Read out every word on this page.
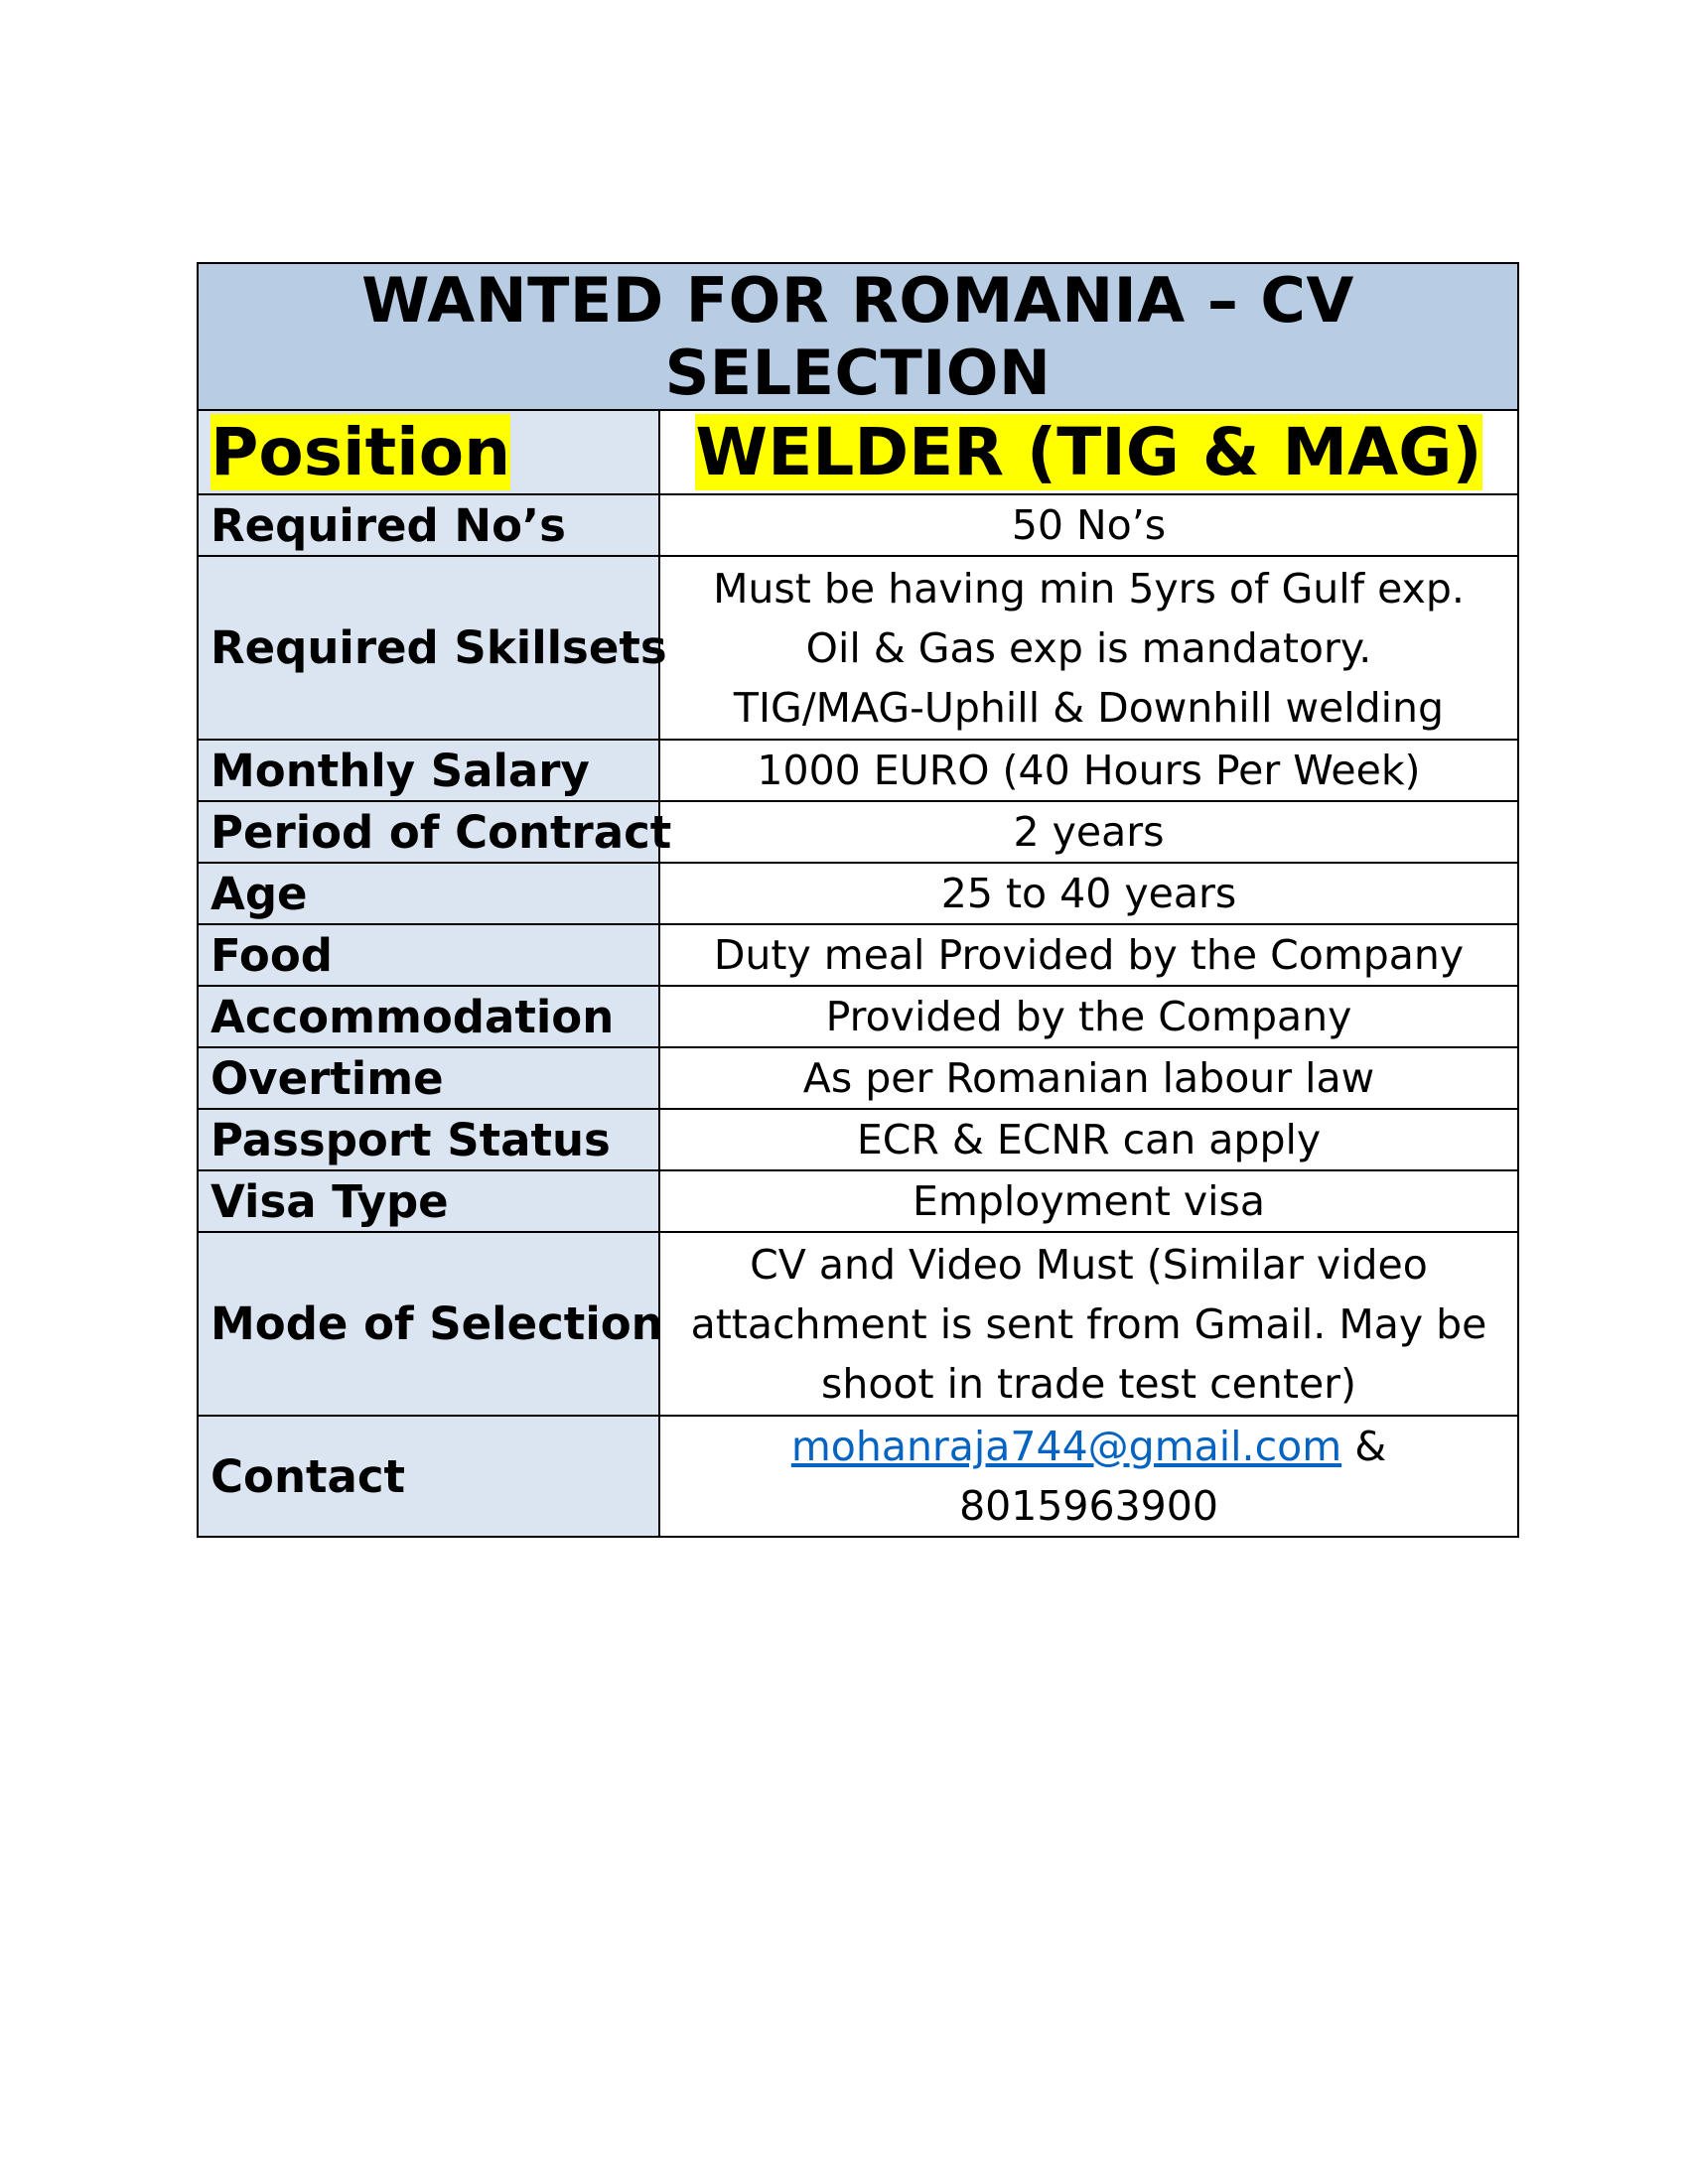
WANTED FOR ROMANIA – CV SELECTION	
Position	WELDER (TIG & MAG)
Required No’s	50 No’s
Required Skillsets	Must be having min 5yrs of Gulf exp.
Oil & Gas exp is mandatory.
TIG/MAG-Uphill & Downhill welding

Monthly Salary	1000 EURO (40 Hours Per Week)
Period of Contract	2 years
Age	25 to 40 years
Food	Duty meal Provided by the Company
Accommodation	Provided by the Company
Overtime	As per Romanian labour law
Passport Status	ECR & ECNR can apply
Visa Type	Employment visa
Mode of Selection	CV and Video Must (Similar video
attachment is sent from Gmail. May be
shoot in trade test center)

Contact	mohanraja744@gmail.com &
8015963900
